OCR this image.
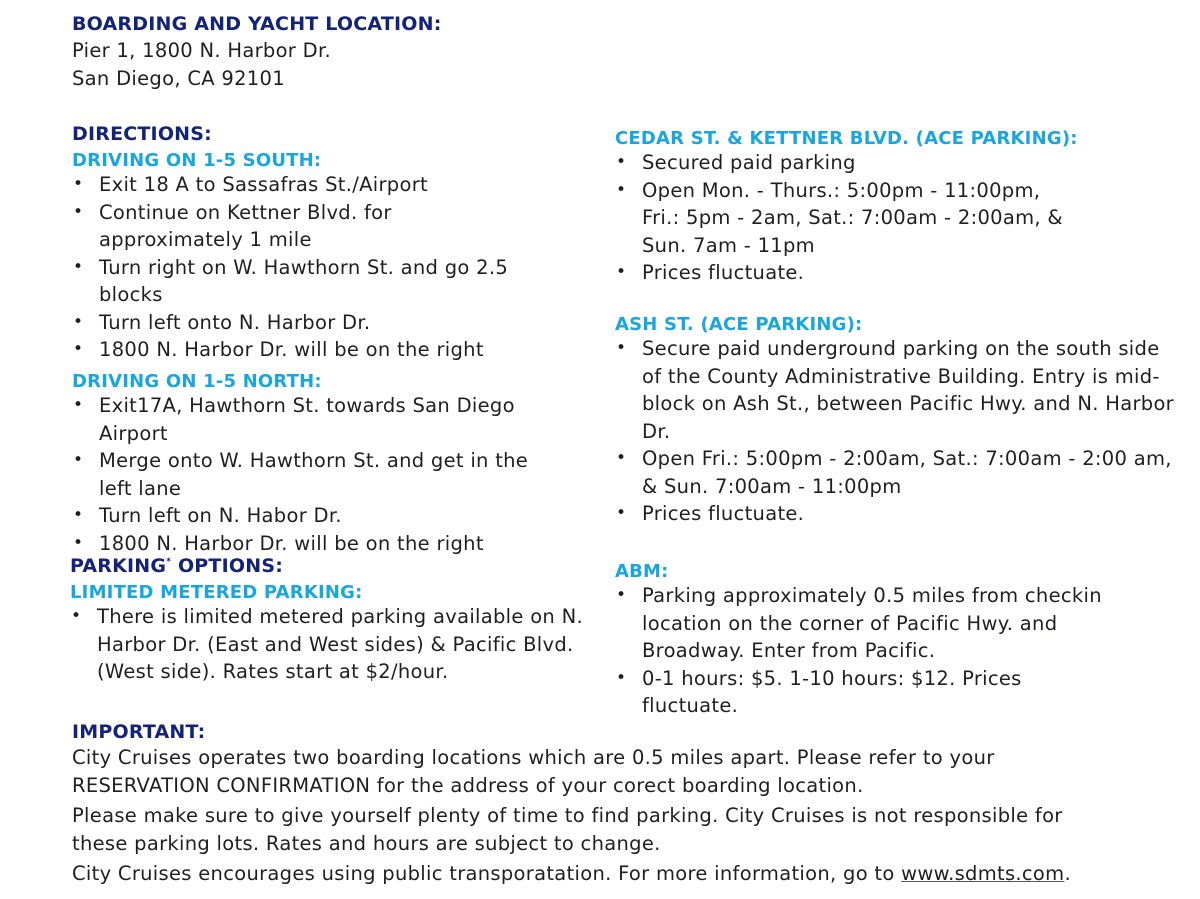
BOARDING AND YACHT LOCATION:

Pier 1, 1800 N. Harbor Dr.

San Diego, CA 92101

DIRECTIONS:

DRIVING ON 1-5 SOUTH:

• Exit 18 A to Sassafras St./Airport
• Continue on Kettner Blvd. for approximately 1 mile
• Turn right on W. Hawthorn St. and go 2.5 blocks
• Turn left onto N. Harbor Dr.
• 1800 N. Harbor Dr. will be on the right

DRIVING ON 1-5 NORTH:

• Exit17A, Hawthorn St. towards San Diego Airport
• Merge onto W. Hawthorn St. and get in the left lane
• Turn left on N. Habor Dr.
• 1800 N. Harbor Dr. will be on the right

PARKING* OPTIONS:

LIMITED METERED PARKING:

• There is limited metered parking available on N. Harbor Dr. (East and West sides) & Pacific Blvd. (West side). Rates start at $2/hour.

CEDAR ST. & KETTNER BLVD. (ACE PARKING):

• Secured paid parking
• Open Mon. - Thurs.: 5:00pm - 11:00pm, Fri.: 5pm - 2am, Sat.: 7:00am - 2:00am, & Sun. 7am - 11pm
• Prices fluctuate.

ASH ST. (ACE PARKING):

• Secure paid underground parking on the south side of the County Administrative Building. Entry is mid-block on Ash St., between Pacific Hwy. and N. Harbor Dr.
• Open Fri.: 5:00pm - 2:00am, Sat.: 7:00am - 2:00 am, & Sun. 7:00am - 11:00pm
• Prices fluctuate.

ABM:

• Parking approximately 0.5 miles from checkin location on the corner of Pacific Hwy. and Broadway. Enter from Pacific.
• 0-1 hours: $5. 1-10 hours: $12. Prices fluctuate.

IMPORTANT:

City Cruises operates two boarding locations which are 0.5 miles apart. Please refer to your RESERVATION CONFIRMATION for the address of your corect boarding location.

Please make sure to give yourself plenty of time to find parking. City Cruises is not responsible for these parking lots. Rates and hours are subject to change.

City Cruises encourages using public transporatation. For more information, go to www.sdmts.com.
